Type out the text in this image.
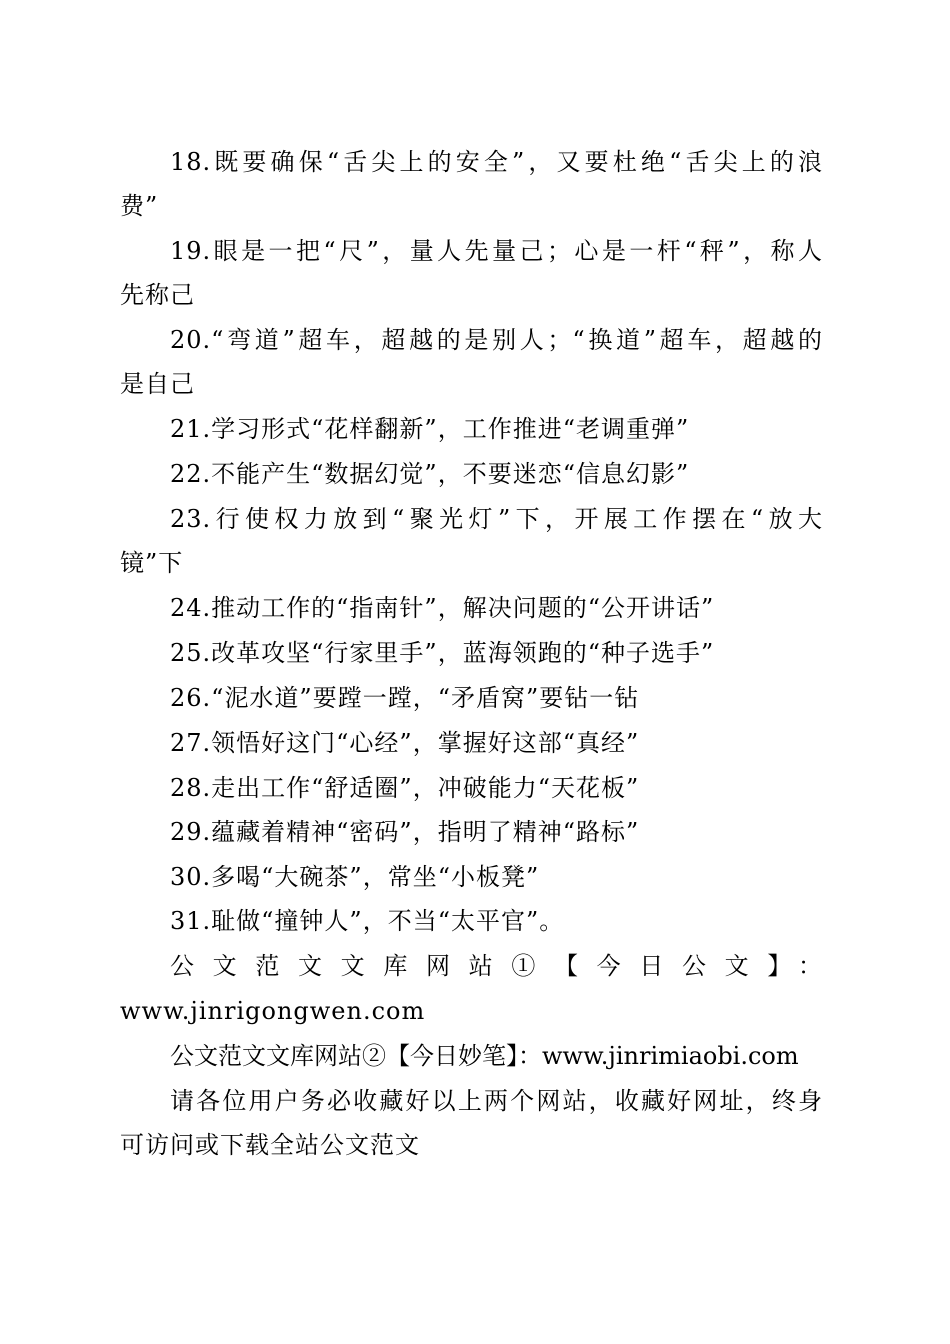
18.既要确保“舌尖上的安全”，又要杜绝“舌尖上的浪

费”

19.眼是一把“尺”，量人先量己；心是一杆“秤”，称人

先称己

20.“弯道”超车，超越的是别人；“换道”超车，超越的

是自己

21.学习形式“花样翻新”，工作推进“老调重弹”

22.不能产生“数据幻觉”，不要迷恋“信息幻影”

23.行使权力放到“聚光灯”下，开展工作摆在“放大

镜”下

24.推动工作的“指南针”，解决问题的“公开讲话”

25.改革攻坚“行家里手”，蓝海领跑的“种子选手”

26.“泥水道”要蹚一蹚，“矛盾窝”要钻一钻

27.领悟好这门“心经”，掌握好这部“真经”

28.走出工作“舒适圈”，冲破能力“天花板”

29.蕴藏着精神“密码”，指明了精神“路标”

30.多喝“大碗茶”，常坐“小板凳”

31.耻做“撞钟人”，不当“太平官”。

公文范文文库网站①【今日公文】：

www.jinrigongwen.com

公文范文文库网站②【今日妙笔】：www.jinrimiaobi.com

请各位用户务必收藏好以上两个网站，收藏好网址，终身

可访问或下载全站公文范文
